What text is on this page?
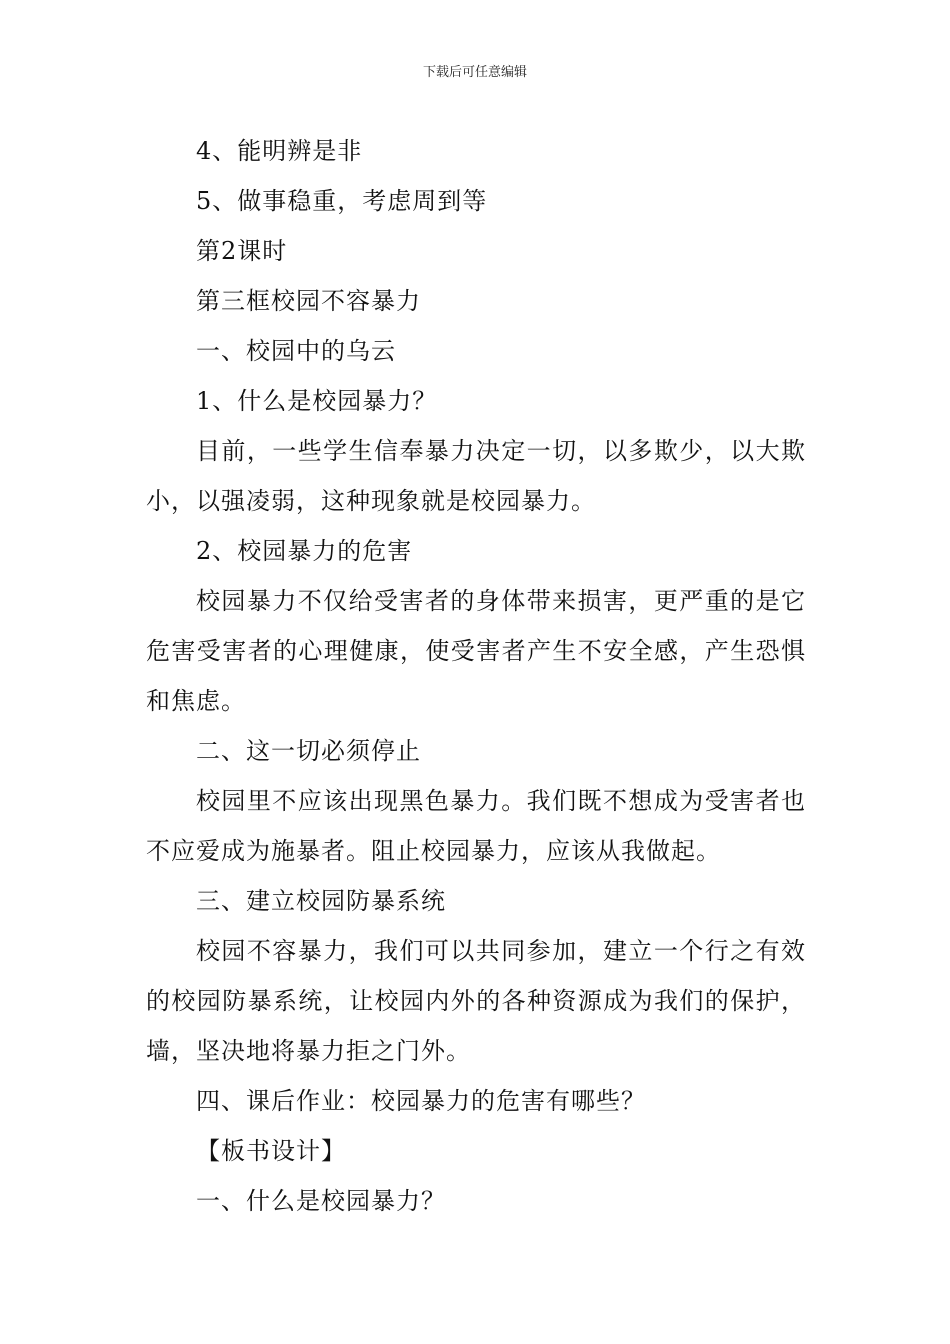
下载后可任意编辑
4、能明辨是非
5、做事稳重，考虑周到等
第2课时
第三框校园不容暴力
一、校园中的乌云
1、什么是校园暴力？

目前，一些学生信奉暴力决定一切，以多欺少，以大欺小，以强凌弱，这种现象就是校园暴力。

2、校园暴力的危害

校园暴力不仅给受害者的身体带来损害，更严重的是它危害受害者的心理健康，使受害者产生不安全感，产生恐惧和焦虑。

二、这一切必须停止

校园里不应该出现黑色暴力。我们既不想成为受害者也不应爱成为施暴者。阻止校园暴力，应该从我做起。

三、建立校园防暴系统

校园不容暴力，我们可以共同参加，建立一个行之有效的校园防暴系统，让校园内外的各种资源成为我们的保护，墙，坚决地将暴力拒之门外。

四、课后作业：校园暴力的危害有哪些？
【板书设计】
一、什么是校园暴力？
